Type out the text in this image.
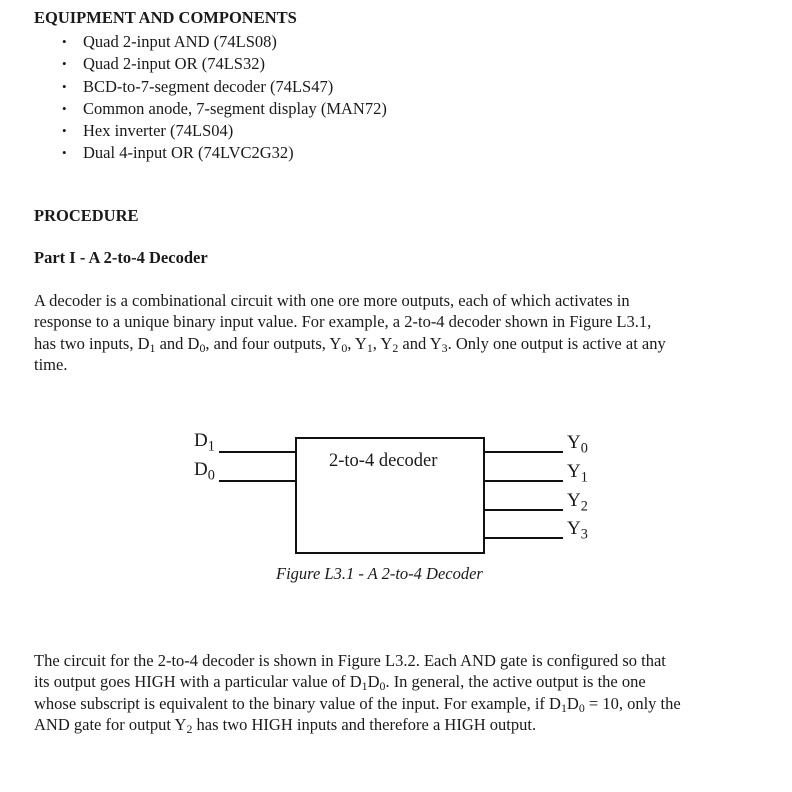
EQUIPMENT AND COMPONENTS
• Quad 2-input AND (74LS08)
• Quad 2-input OR (74LS32)
• BCD-to-7-segment decoder (74LS47)
• Common anode, 7-segment display (MAN72)
• Hex inverter (74LS04)
• Dual 4-input OR (74LVC2G32)
PROCEDURE
Part I - A 2-to-4 Decoder
A decoder is a combinational circuit with one ore more outputs, each of which activates in
response to a unique binary input value. For example, a 2-to-4 decoder shown in Figure L3.1,
has two inputs, $D_1$ and $D_0$, and four outputs, $Y_0$, $Y_1$, $Y_2$ and $Y_3$. Only one output is active at any
time.
2-to-4 decoder
$D_1$
$D_0$
$Y_0$
$Y_1$
$Y_2$
$Y_3$
Figure L3.1 - A 2-to-4 Decoder
The circuit for the 2-to-4 decoder is shown in Figure L3.2. Each AND gate is configured so that
its output goes HIGH with a particular value of $D_1D_0$. In general, the active output is the one
whose subscript is equivalent to the binary value of the input. For example, if $D_1D_0 = 10$, only the
AND gate for output $Y_2$ has two HIGH inputs and therefore a HIGH output.
